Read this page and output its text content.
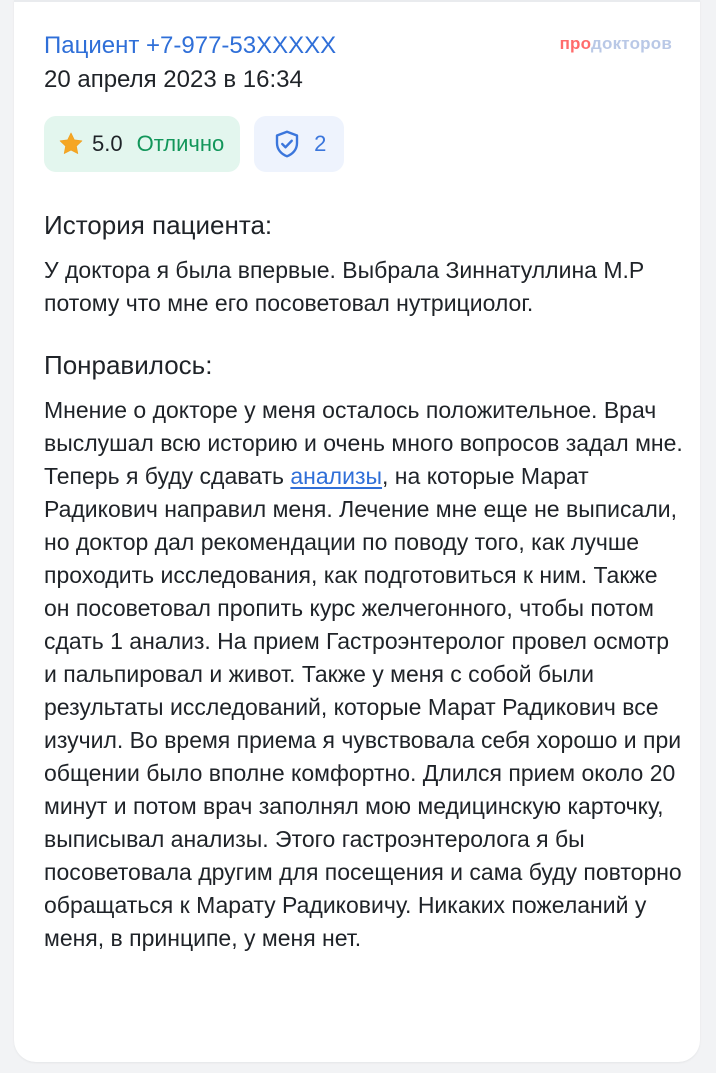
Пациент +7-977-53XXXXX
20 апреля 2023 в 16:34
продокторов
5.0 Отлично	2
История пациента:

У доктора я была впервые. Выбрала Зиннатуллина М.Р потому что мне его посоветовал нутрициолог.

Понравилось:

Мнение о докторе у меня осталось положительное. Врач выслушал всю историю и очень много вопросов задал мне. Теперь я буду сдавать анализы, на которые Марат Радикович направил меня. Лечение мне еще не выписали, но доктор дал рекомендации по поводу того, как лучше проходить исследования, как подготовиться к ним. Также он посоветовал пропить курс желчегонного, чтобы потом сдать 1 анализ. На прием Гастроэнтеролог провел осмотр и пальпировал и живот. Также у меня с собой были результаты исследований, которые Марат Радикович все изучил. Во время приема я чувствовала себя хорошо и при общении было вполне комфортно. Длился прием около 20 минут и потом врач заполнял мою медицинскую карточку, выписывал анализы. Этого гастроэнтеролога я бы посоветовала другим для посещения и сама буду повторно обращаться к Марату Радиковичу. Никаких пожеланий у меня, в принципе, у меня нет.
